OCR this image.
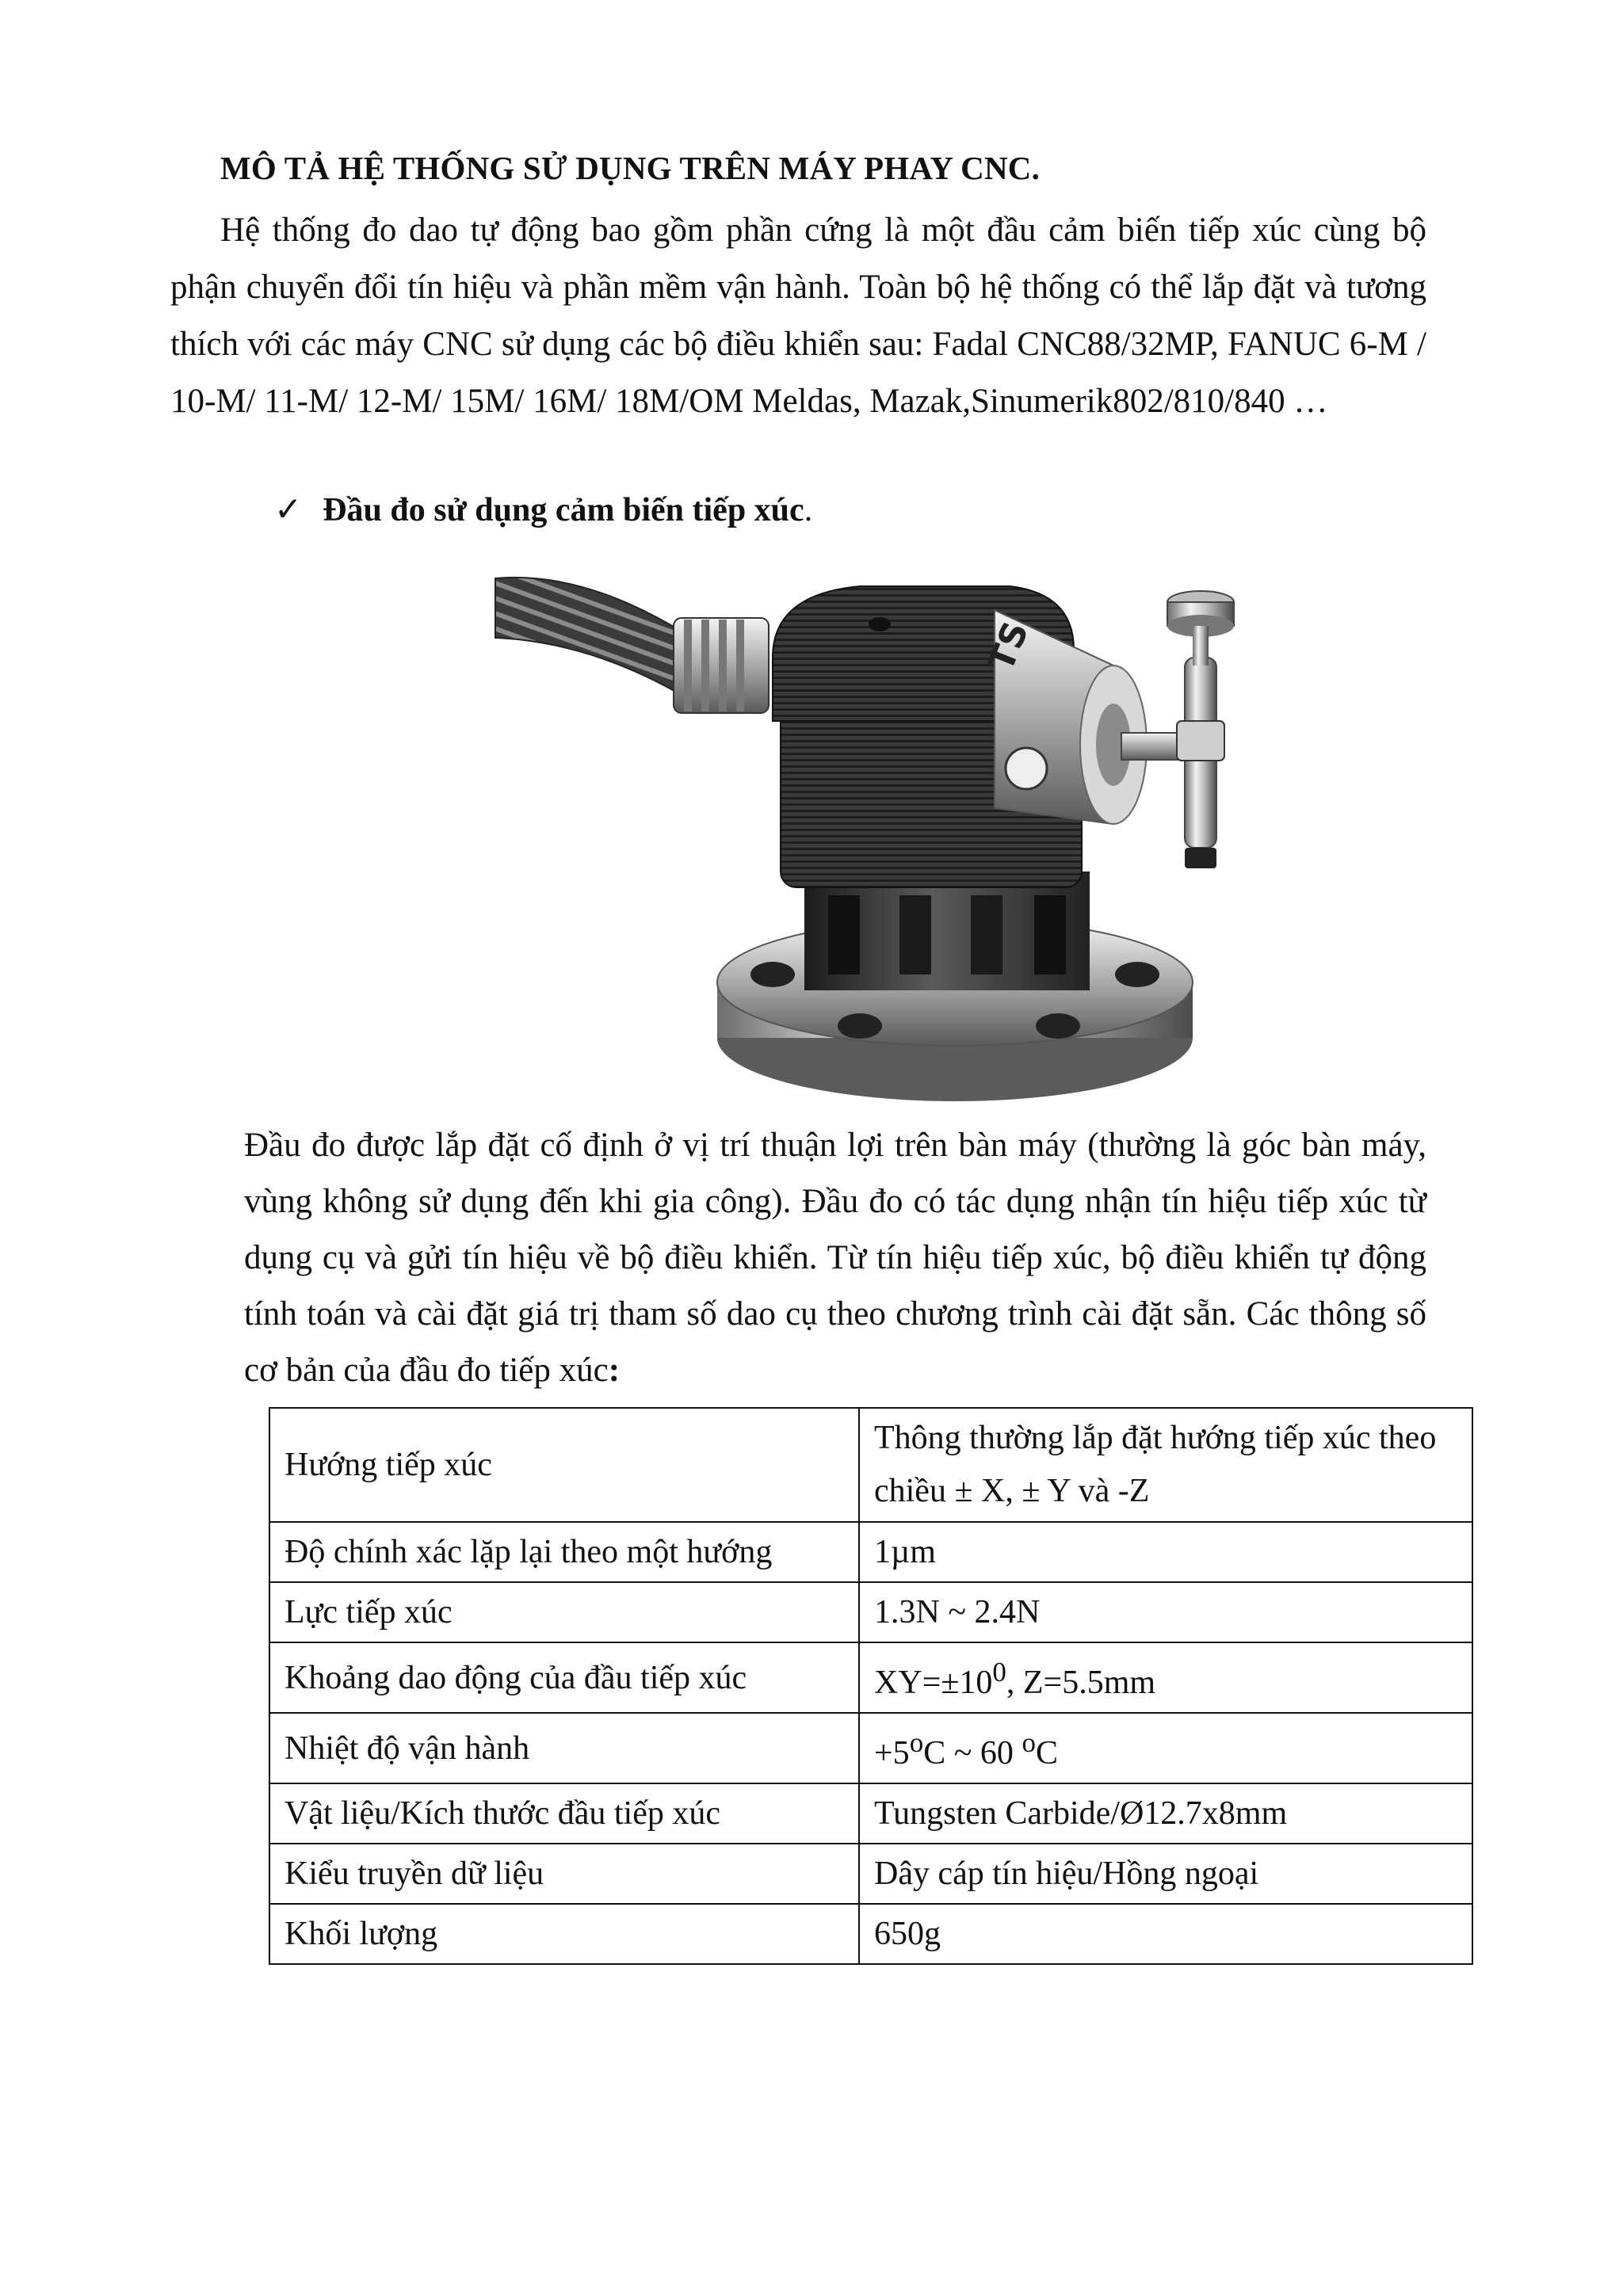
MÔ TẢ HỆ THỐNG SỬ DỤNG TRÊN MÁY PHAY CNC.
Hệ thống đo dao tự động bao gồm phần cứng là một đầu cảm biến tiếp xúc cùng bộ phận chuyển đổi tín hiệu và phần mềm vận hành. Toàn bộ hệ thống có thể lắp đặt và tương thích với các máy CNC sử dụng các bộ điều khiển sau: Fadal CNC88/32MP, FANUC 6-M / 10-M/ 11-M/ 12-M/ 15M/ 16M/ 18M/OM Meldas, Mazak,Sinumerik802/810/840 …
✓ Đầu đo sử dụng cảm biến tiếp xúc.
TS
Đầu đo được lắp đặt cố định ở vị trí thuận lợi trên bàn máy (thường là góc bàn máy, vùng không sử dụng đến khi gia công). Đầu đo có tác dụng nhận tín hiệu tiếp xúc từ dụng cụ và gửi tín hiệu về bộ điều khiển. Từ tín hiệu tiếp xúc, bộ điều khiển tự động tính toán và cài đặt giá trị tham số dao cụ theo chương trình cài đặt sẵn. Các thông số cơ bản của đầu đo tiếp xúc:
Hướng tiếp xúc	Thông thường lắp đặt hướng tiếp xúc theo chiều ± X, ± Y và -Z
Độ chính xác lặp lại theo một hướng	1µm
Lực tiếp xúc	1.3N ~ 2.4N
Khoảng dao động của đầu tiếp xúc	$XY=\pm 10^0$, Z=5.5mm
Nhiệt độ vận hành	$+5^oC$ ~ 60 $^o$C
Vật liệu/Kích thước đầu tiếp xúc	Tungsten Carbide/Ø12.7x8mm
Kiểu truyền dữ liệu	Dây cáp tín hiệu/Hồng ngoại
Khối lượng	650g
